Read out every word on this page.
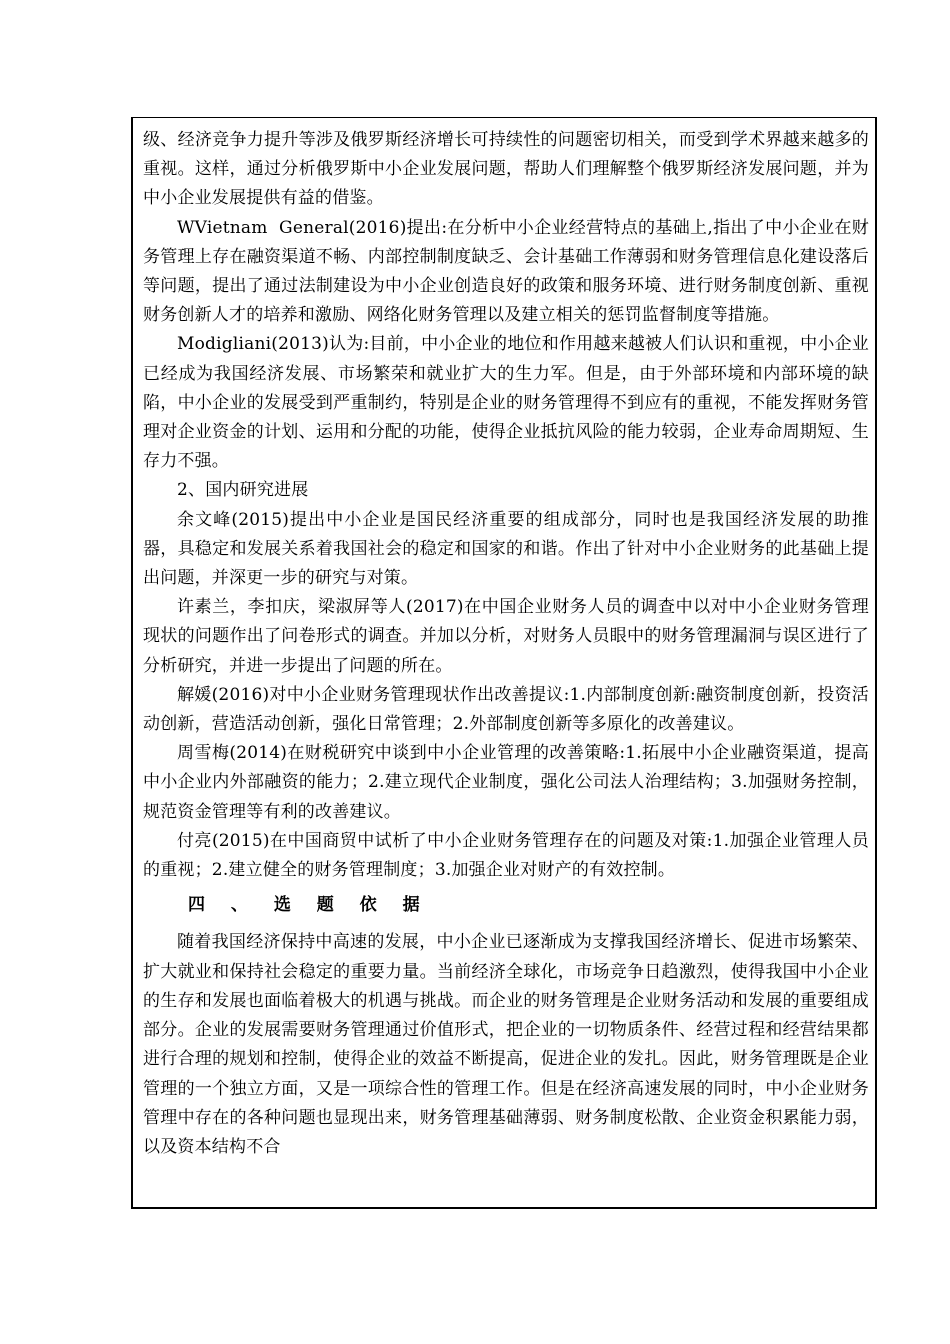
级、经济竞争力提升等涉及俄罗斯经济增长可持续性的问题密切相关，而受到学术界越来越多的重视。这样，通过分析俄罗斯中小企业发展问题，帮助人们理解整个俄罗斯经济发展问题，并为中小企业发展提供有益的借鉴。

WVietnam  General(2016)提出:在分析中小企业经营特点的基础上,指出了中小企业在财务管理上存在融资渠道不畅、内部控制制度缺乏、会计基础工作薄弱和财务管理信息化建设落后等问题，提出了通过法制建设为中小企业创造良好的政策和服务环境、进行财务制度创新、重视财务创新人才的培养和激励、网络化财务管理以及建立相关的惩罚监督制度等措施。

Modigliani(2013)认为:目前，中小企业的地位和作用越来越被人们认识和重视，中小企业已经成为我国经济发展、市场繁荣和就业扩大的生力军。但是，由于外部环境和内部环境的缺陷，中小企业的发展受到严重制约，特别是企业的财务管理得不到应有的重视，不能发挥财务管理对企业资金的计划、运用和分配的功能，使得企业抵抗风险的能力较弱，企业寿命周期短、生存力不强。

2、国内研究进展

余文峰(2015)提出中小企业是国民经济重要的组成部分，同时也是我国经济发展的助推器，具稳定和发展关系着我国社会的稳定和国家的和谐。作出了针对中小企业财务的此基础上提出问题，并深更一步的研究与对策。

许素兰，李扣庆，梁淑屏等人(2017)在中国企业财务人员的调查中以对中小企业财务管理现状的问题作出了问卷形式的调查。并加以分析，对财务人员眼中的财务管理漏洞与误区进行了分析研究，并进一步提出了问题的所在。

解媛(2016)对中小企业财务管理现状作出改善提议:1.内部制度创新:融资制度创新，投资活动创新，营造活动创新，强化日常管理；2.外部制度创新等多原化的改善建议。

周雪梅(2014)在财税研究中谈到中小企业管理的改善策略:1.拓展中小企业融资渠道，提高中小企业内外部融资的能力；2.建立现代企业制度，强化公司法人治理结构；3.加强财务控制，规范资金管理等有利的改善建议。

付亮(2015)在中国商贸中试析了中小企业财务管理存在的问题及对策:1.加强企业管理人员的重视；2.建立健全的财务管理制度；3.加强企业对财产的有效控制。

四 、 选 题 依 据

随着我国经济保持中高速的发展，中小企业已逐渐成为支撑我国经济增长、促进市场繁荣、扩大就业和保持社会稳定的重要力量。当前经济全球化，市场竞争日趋激烈，使得我国中小企业的生存和发展也面临着极大的机遇与挑战。而企业的财务管理是企业财务活动和发展的重要组成部分。企业的发展需要财务管理通过价值形式，把企业的一切物质条件、经营过程和经营结果都进行合理的规划和控制，使得企业的效益不断提高，促进企业的发扎。因此，财务管理既是企业管理的一个独立方面，又是一项综合性的管理工作。但是在经济高速发展的同时，中小企业财务管理中存在的各种问题也显现出来，财务管理基础薄弱、财务制度松散、企业资金积累能力弱，以及资本结构不合
